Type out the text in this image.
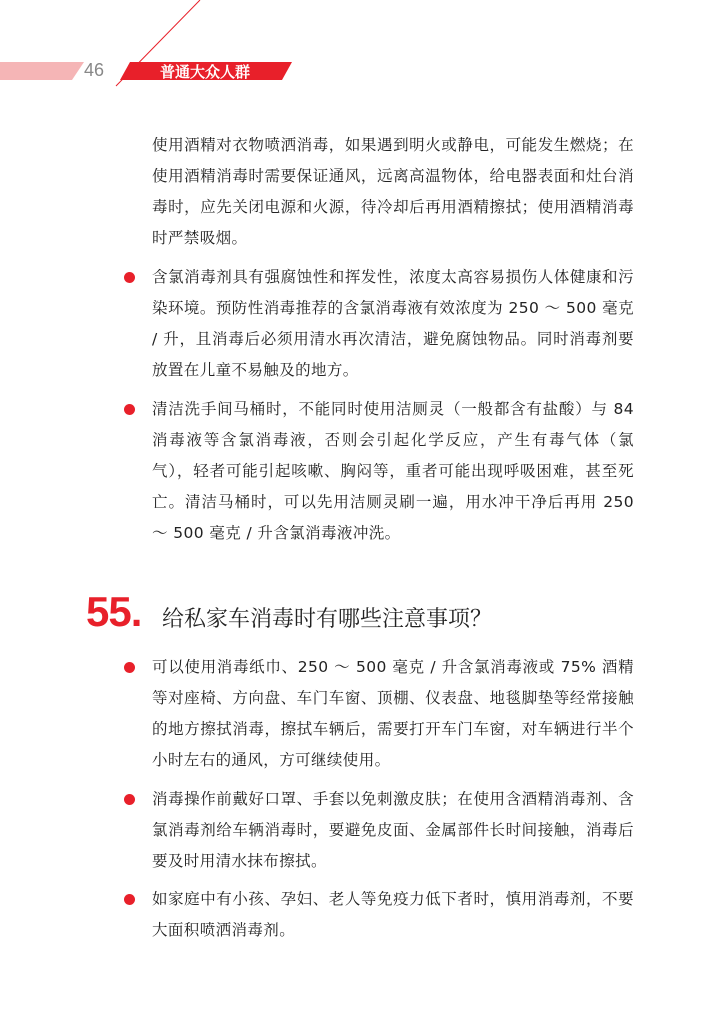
46	普通大众人群
使用酒精对衣物喷洒消毒，如果遇到明火或静电，可能发生燃烧；在使用酒精消毒时需要保证通风，远离高温物体，给电器表面和灶台消毒时，应先关闭电源和火源，待冷却后再用酒精擦拭；使用酒精消毒时严禁吸烟。
含氯消毒剂具有强腐蚀性和挥发性，浓度太高容易损伤人体健康和污染环境。预防性消毒推荐的含氯消毒液有效浓度为 250 ～ 500 毫克 / 升，且消毒后必须用清水再次清洁，避免腐蚀物品。同时消毒剂要放置在儿童不易触及的地方。
清洁洗手间马桶时，不能同时使用洁厕灵（一般都含有盐酸）与 84 消毒液等含氯消毒液，否则会引起化学反应，产生有毒气体（氯气），轻者可能引起咳嗽、胸闷等，重者可能出现呼吸困难，甚至死亡。清洁马桶时，可以先用洁厕灵刷一遍，用水冲干净后再用 250 ～ 500 毫克 / 升含氯消毒液冲洗。
55. 给私家车消毒时有哪些注意事项？
可以使用消毒纸巾、250 ～ 500 毫克 / 升含氯消毒液或 75% 酒精等对座椅、方向盘、车门车窗、顶棚、仪表盘、地毯脚垫等经常接触的地方擦拭消毒，擦拭车辆后，需要打开车门车窗，对车辆进行半个小时左右的通风，方可继续使用。
消毒操作前戴好口罩、手套以免刺激皮肤；在使用含酒精消毒剂、含氯消毒剂给车辆消毒时，要避免皮面、金属部件长时间接触，消毒后要及时用清水抹布擦拭。
如家庭中有小孩、孕妇、老人等免疫力低下者时，慎用消毒剂，不要大面积喷洒消毒剂。
